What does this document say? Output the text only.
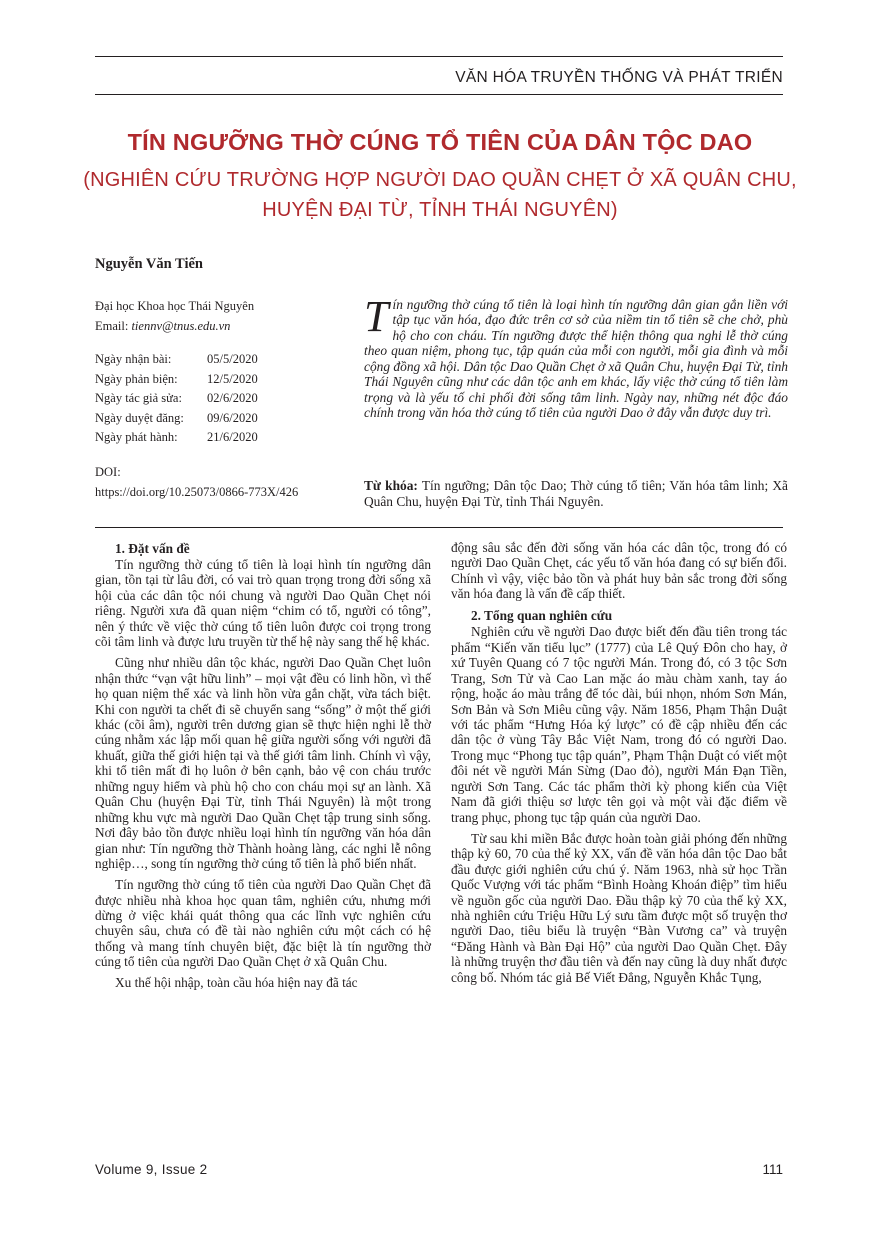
VĂN HÓA TRUYỀN THỐNG VÀ PHÁT TRIỂN
TÍN NGƯỠNG THỜ CÚNG TỔ TIÊN CỦA DÂN TỘC DAO
(NGHIÊN CỨU TRƯỜNG HỢP NGƯỜI DAO QUẦN CHẸT Ở XÃ QUÂN CHU,
HUYỆN ĐẠI TỪ, TỈNH THÁI NGUYÊN)
Nguyễn Văn Tiến
Đại học Khoa học Thái Nguyên
Email: tiennv@tnus.edu.vn
Ngày nhận bài:	05/5/2020
Ngày phản biện:	12/5/2020
Ngày tác giả sửa:	02/6/2020
Ngày duyệt đăng:	09/6/2020
Ngày phát hành:	21/6/2020
DOI:
https://doi.org/10.25073/0866-773X/426

Tín ngưỡng thờ cúng tổ tiên là loại hình tín ngưỡng dân gian gắn liền với tập tục văn hóa, đạo đức trên cơ sở của niềm tin tổ tiên sẽ che chở, phù hộ cho con cháu. Tín ngưỡng được thể hiện thông qua nghi lễ thờ cúng theo quan niệm, phong tục, tập quán của mỗi con người, mỗi gia đình và mỗi cộng đồng xã hội. Dân tộc Dao Quần Chẹt ở xã Quân Chu, huyện Đại Từ, tỉnh Thái Nguyên cũng như các dân tộc anh em khác, lấy việc thờ cúng tổ tiên làm trọng và là yếu tố chi phối đời sống tâm linh. Ngày nay, những nét độc đáo chính trong văn hóa thờ cúng tổ tiên của người Dao ở đây vẫn được duy trì.

Từ khóa: Tín ngưỡng; Dân tộc Dao; Thờ cúng tổ tiên; Văn hóa tâm linh; Xã Quân Chu, huyện Đại Từ, tỉnh Thái Nguyên.

1. Đặt vấn đề

Tín ngưỡng thờ cúng tổ tiên là loại hình tín ngưỡng dân gian, tồn tại từ lâu đời, có vai trò quan trọng trong đời sống xã hội của các dân tộc nói chung và người Dao Quần Chẹt nói riêng. Người xưa đã quan niệm “chim có tổ, người có tông”, nên ý thức về việc thờ cúng tổ tiên luôn được coi trọng trong cõi tâm linh và được lưu truyền từ thế hệ này sang thế hệ khác.

Cũng như nhiều dân tộc khác, người Dao Quần Chẹt luôn nhận thức “vạn vật hữu linh” – mọi vật đều có linh hồn, vì thế họ quan niệm thể xác và linh hồn vừa gắn chặt, vừa tách biệt. Khi con người ta chết đi sẽ chuyển sang “sống” ở một thế giới khác (cõi âm), người trên dương gian sẽ thực hiện nghi lễ thờ cúng nhằm xác lập mối quan hệ giữa người sống với người đã khuất, giữa thế giới hiện tại và thế giới tâm linh. Chính vì vậy, khi tổ tiên mất đi họ luôn ở bên cạnh, bảo vệ con cháu trước những nguy hiểm và phù hộ cho con cháu mọi sự an lành. Xã Quân Chu (huyện Đại Từ, tỉnh Thái Nguyên) là một trong những khu vực mà người Dao Quần Chẹt tập trung sinh sống. Nơi đây bảo tồn được nhiều loại hình tín ngưỡng văn hóa dân gian như: Tín ngưỡng thờ Thành hoàng làng, các nghi lễ nông nghiệp…, song tín ngưỡng thờ cúng tổ tiên là phổ biến nhất.

Tín ngưỡng thờ cúng tổ tiên của người Dao Quần Chẹt đã được nhiều nhà khoa học quan tâm, nghiên cứu, nhưng mới dừng ở việc khái quát thông qua các lĩnh vực nghiên cứu chuyên sâu, chưa có đề tài nào nghiên cứu một cách có hệ thống và mang tính chuyên biệt, đặc biệt là tín ngưỡng thờ cúng tổ tiên của người Dao Quần Chẹt ở xã Quân Chu.

Xu thế hội nhập, toàn cầu hóa hiện nay đã tác

động sâu sắc đến đời sống văn hóa các dân tộc, trong đó có người Dao Quần Chẹt, các yếu tố văn hóa đang có sự biến đổi. Chính vì vậy, việc bảo tồn và phát huy bản sắc trong đời sống văn hóa đang là vấn đề cấp thiết.

2. Tổng quan nghiên cứu

Nghiên cứu về người Dao được biết đến đầu tiên trong tác phẩm “Kiến văn tiểu lục” (1777) của Lê Quý Đôn cho hay, ở xứ Tuyên Quang có 7 tộc người Mán. Trong đó, có 3 tộc Sơn Trang, Sơn Tử và Cao Lan mặc áo màu chàm xanh, tay áo rộng, hoặc áo màu trắng để tóc dài, búi nhọn, nhóm Sơn Mán, Sơn Bản và Sơn Miêu cũng vậy. Năm 1856, Phạm Thận Duật với tác phẩm “Hưng Hóa ký lược” có đề cập nhiều đến các dân tộc ở vùng Tây Bắc Việt Nam, trong đó có người Dao. Trong mục “Phong tục tập quán”, Phạm Thận Duật có viết một đôi nét về người Mán Sừng (Dao đỏ), người Mán Đạn Tiền, người Sơn Tang. Các tác phẩm thời kỳ phong kiến của Việt Nam đã giới thiệu sơ lược tên gọi và một vài đặc điểm về trang phục, phong tục tập quán của người Dao.

Từ sau khi miền Bắc được hoàn toàn giải phóng đến những thập kỷ 60, 70 của thế kỷ XX, vấn đề văn hóa dân tộc Dao bắt đầu được giới nghiên cứu chú ý. Năm 1963, nhà sử học Trần Quốc Vượng với tác phẩm “Bình Hoàng Khoán điệp” tìm hiểu về nguồn gốc của người Dao. Đầu thập kỷ 70 của thế kỷ XX, nhà nghiên cứu Triệu Hữu Lý sưu tầm được một số truyện thơ người Dao, tiêu biểu là truyện “Bàn Vương ca” và truyện “Đăng Hành và Bàn Đại Hộ” của người Dao Quần Chẹt. Đây là những truyện thơ đầu tiên và đến nay cũng là duy nhất được công bố. Nhóm tác giả Bế Viết Đẳng, Nguyễn Khắc Tụng,

Volume 9, Issue 2	111
